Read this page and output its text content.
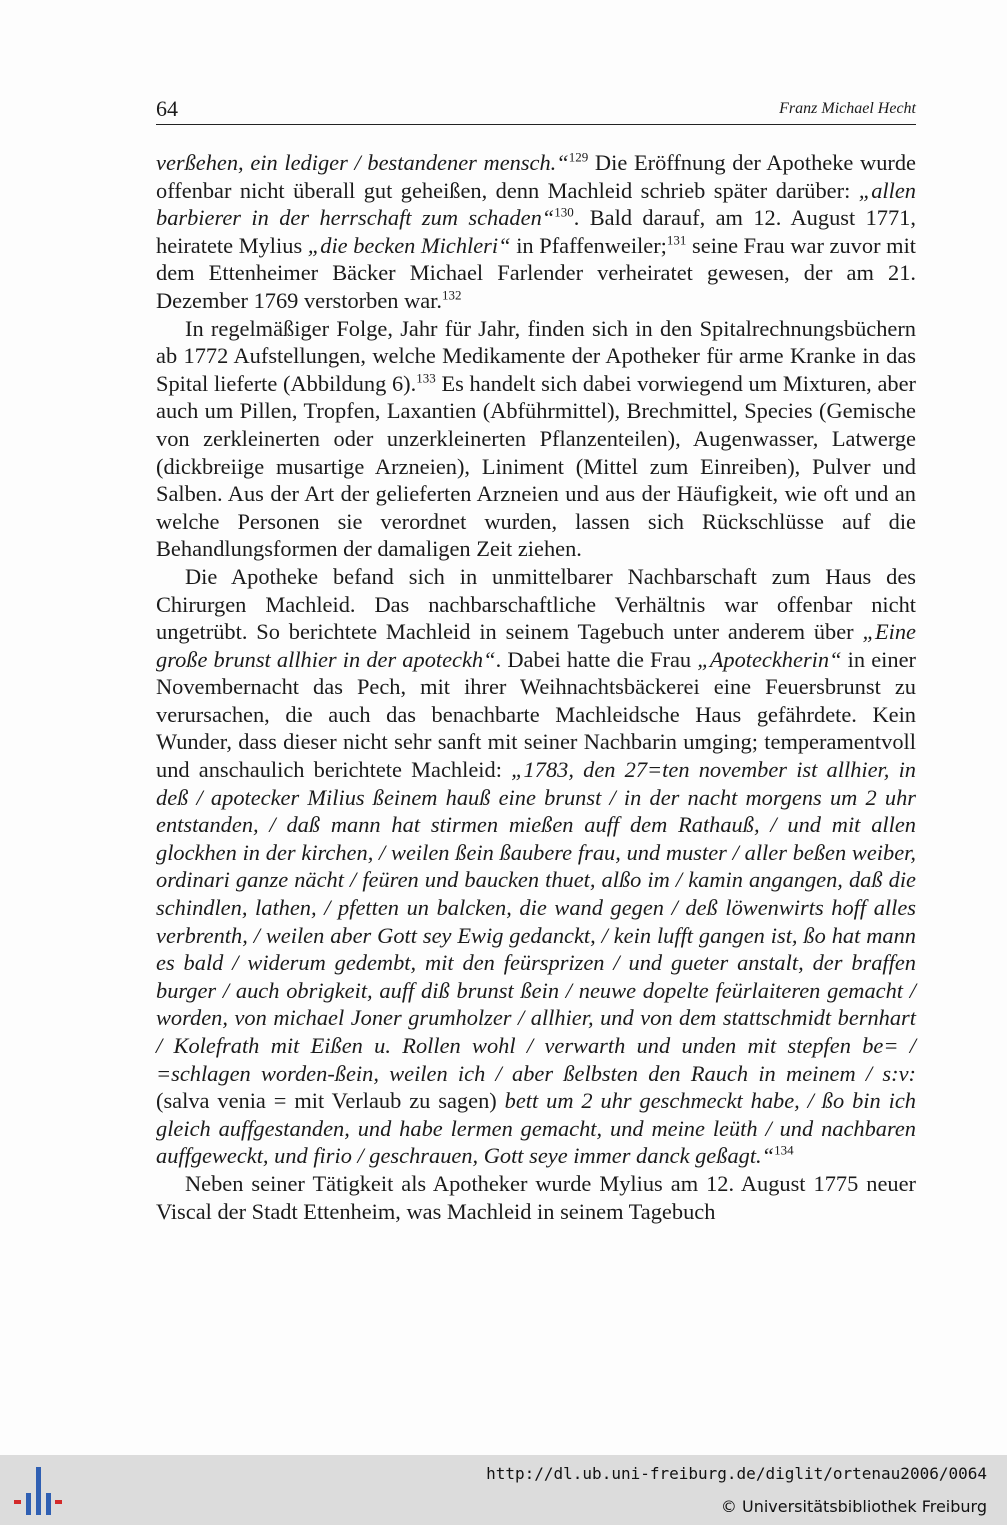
64	Franz Michael Hecht

verßehen, ein lediger / bestandener mensch.“$^{129}$ Die Eröffnung der Apotheke wurde offenbar nicht überall gut geheißen, denn Machleid schrieb später darüber: „allen barbierer in der herrschaft zum schaden“$^{130}$. Bald darauf, am 12. August 1771, heiratete Mylius „die becken Michleri“ in Pfaffenweiler;$^{131}$ seine Frau war zuvor mit dem Ettenheimer Bäcker Michael Farlender verheiratet gewesen, der am 21. Dezember 1769 verstorben war.$^{132}$

In regelmäßiger Folge, Jahr für Jahr, finden sich in den Spitalrechnungsbüchern ab 1772 Aufstellungen, welche Medikamente der Apotheker für arme Kranke in das Spital lieferte (Abbildung 6).$^{133}$ Es handelt sich dabei vorwiegend um Mixturen, aber auch um Pillen, Tropfen, Laxantien (Abführmittel), Brechmittel, Species (Gemische von zerkleinerten oder unzerkleinerten Pflanzenteilen), Augenwasser, Latwerge (dickbreiige musartige Arzneien), Liniment (Mittel zum Einreiben), Pulver und Salben. Aus der Art der gelieferten Arzneien und aus der Häufigkeit, wie oft und an welche Personen sie verordnet wurden, lassen sich Rückschlüsse auf die Behandlungsformen der damaligen Zeit ziehen.

Die Apotheke befand sich in unmittelbarer Nachbarschaft zum Haus des Chirurgen Machleid. Das nachbarschaftliche Verhältnis war offenbar nicht ungetrübt. So berichtete Machleid in seinem Tagebuch unter anderem über „Eine große brunst allhier in der apoteckh“. Dabei hatte die Frau „Apoteckherin“ in einer Novembernacht das Pech, mit ihrer Weihnachtsbäckerei eine Feuersbrunst zu verursachen, die auch das benachbarte Machleidsche Haus gefährdete. Kein Wunder, dass dieser nicht sehr sanft mit seiner Nachbarin umging; temperamentvoll und anschaulich berichtete Machleid: „1783, den 27=ten november ist allhier, in deß / apotecker Milius ßeinem hauß eine brunst / in der nacht morgens um 2 uhr entstanden, / daß mann hat stirmen mießen auff dem Rathauß, / und mit allen glockhen in der kirchen, / weilen ßein ßaubere frau, und muster / aller beßen weiber, ordinari ganze nächt / feüren und baucken thuet, alßo im / kamin angangen, daß die schindlen, lathen, / pfetten un balcken, die wand gegen / deß löwenwirts hoff alles verbrenth, / weilen aber Gott sey Ewig gedanckt, / kein lufft gangen ist, ßo hat mann es bald / widerum gedembt, mit den feürsprizen / und gueter anstalt, der braffen burger / auch obrigkeit, auff diß brunst ßein / neuwe dopelte feürlaiteren gemacht / worden, von michael Joner grumholzer / allhier, und von dem stattschmidt bernhart / Kolefrath mit Eißen u. Rollen wohl / verwarth und unden mit stepfen be= / =schlagen worden-ßein, weilen ich / aber ßelbsten den Rauch in meinem / s:v: (salva venia = mit Verlaub zu sagen) bett um 2 uhr geschmeckt habe, / ßo bin ich gleich auffgestanden, und habe lermen gemacht, und meine leüth / und nachbaren auffgeweckt, und firio / geschrauen, Gott seye immer danck geßagt.“$^{134}$

Neben seiner Tätigkeit als Apotheker wurde Mylius am 12. August 1775 neuer Viscal der Stadt Ettenheim, was Machleid in seinem Tagebuch

http://dl.ub.uni-freiburg.de/diglit/ortenau2006/0064
© Universitätsbibliothek Freiburg
